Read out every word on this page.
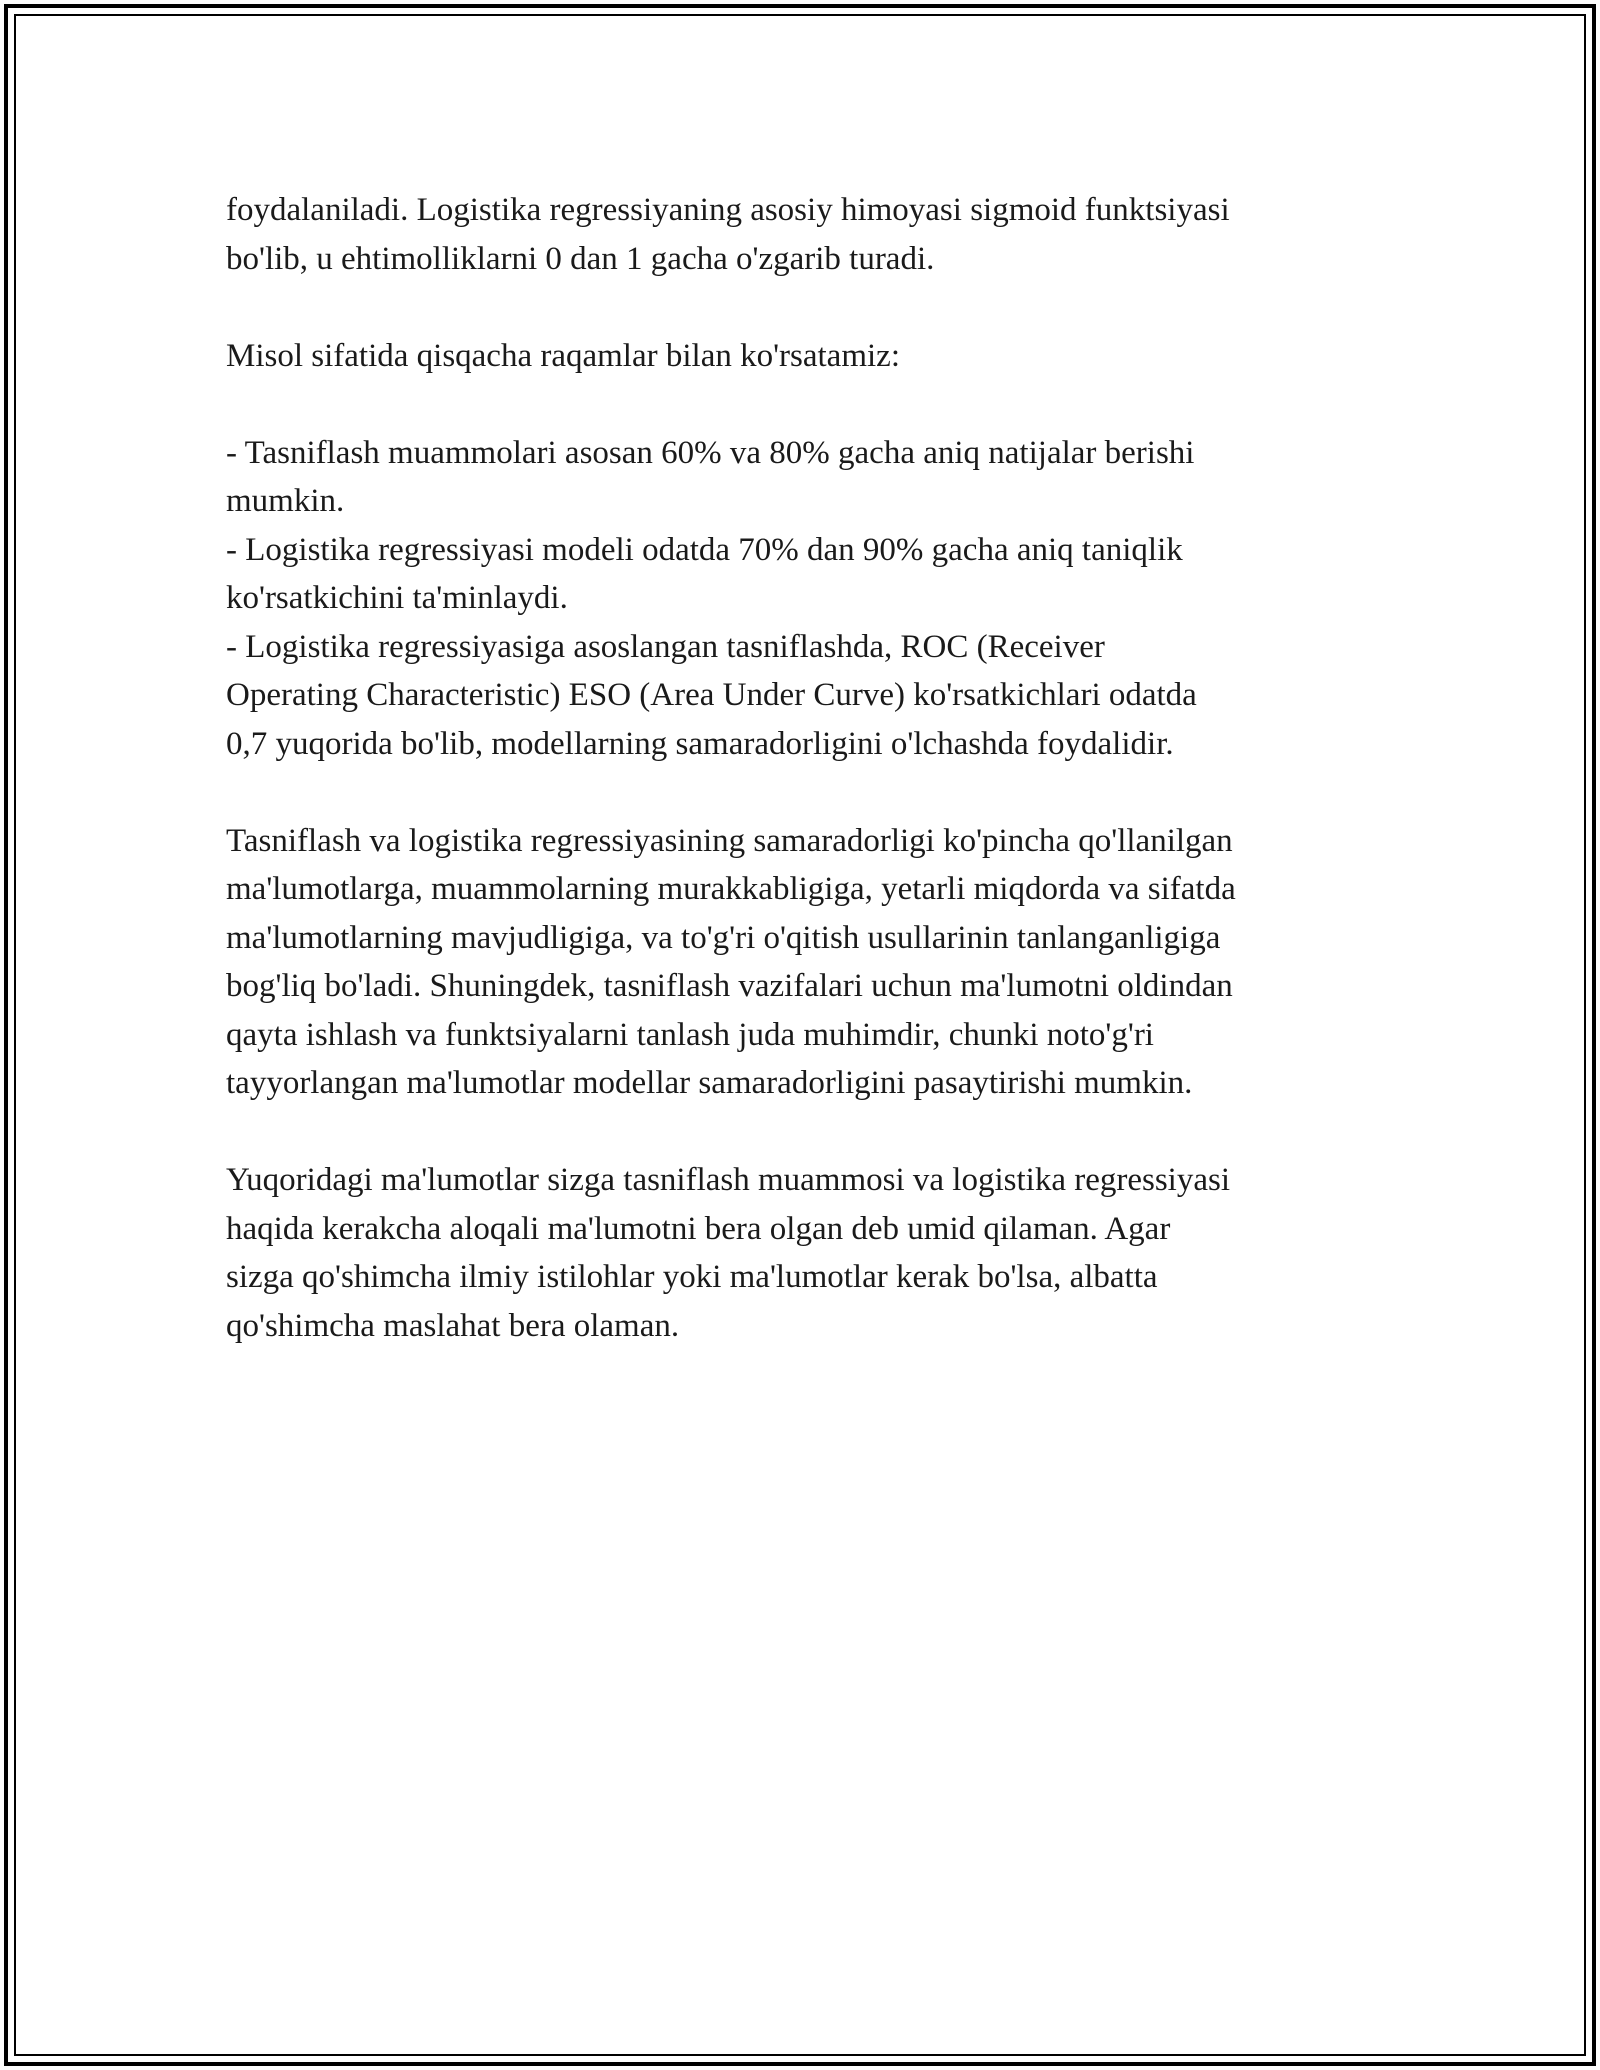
foydalaniladi. Logistika regressiyaning asosiy himoyasi sigmoid funktsiyasi
bo'lib, u ehtimolliklarni 0 dan 1 gacha o'zgarib turadi.

Misol sifatida qisqacha raqamlar bilan ko'rsatamiz:

- Tasniflash muammolari asosan 60% va 80% gacha aniq natijalar berishi
mumkin.

- Logistika regressiyasi modeli odatda 70% dan 90% gacha aniq taniqlik
ko'rsatkichini ta'minlaydi.

- Logistika regressiyasiga asoslangan tasniflashda, ROC (Receiver
Operating Characteristic) ESO (Area Under Curve) ko'rsatkichlari odatda
0,7 yuqorida bo'lib, modellarning samaradorligini o'lchashda foydalidir.

Tasniflash va logistika regressiyasining samaradorligi ko'pincha qo'llanilgan
ma'lumotlarga, muammolarning murakkabligiga, yetarli miqdorda va sifatda
ma'lumotlarning mavjudligiga, va to'g'ri o'qitish usullarinin tanlanganligiga
bog'liq bo'ladi. Shuningdek, tasniflash vazifalari uchun ma'lumotni oldindan
qayta ishlash va funktsiyalarni tanlash juda muhimdir, chunki noto'g'ri
tayyorlangan ma'lumotlar modellar samaradorligini pasaytirishi mumkin.

Yuqoridagi ma'lumotlar sizga tasniflash muammosi va logistika regressiyasi
haqida kerakcha aloqali ma'lumotni bera olgan deb umid qilaman. Agar
sizga qo'shimcha ilmiy istilohlar yoki ma'lumotlar kerak bo'lsa, albatta
qo'shimcha maslahat bera olaman.
